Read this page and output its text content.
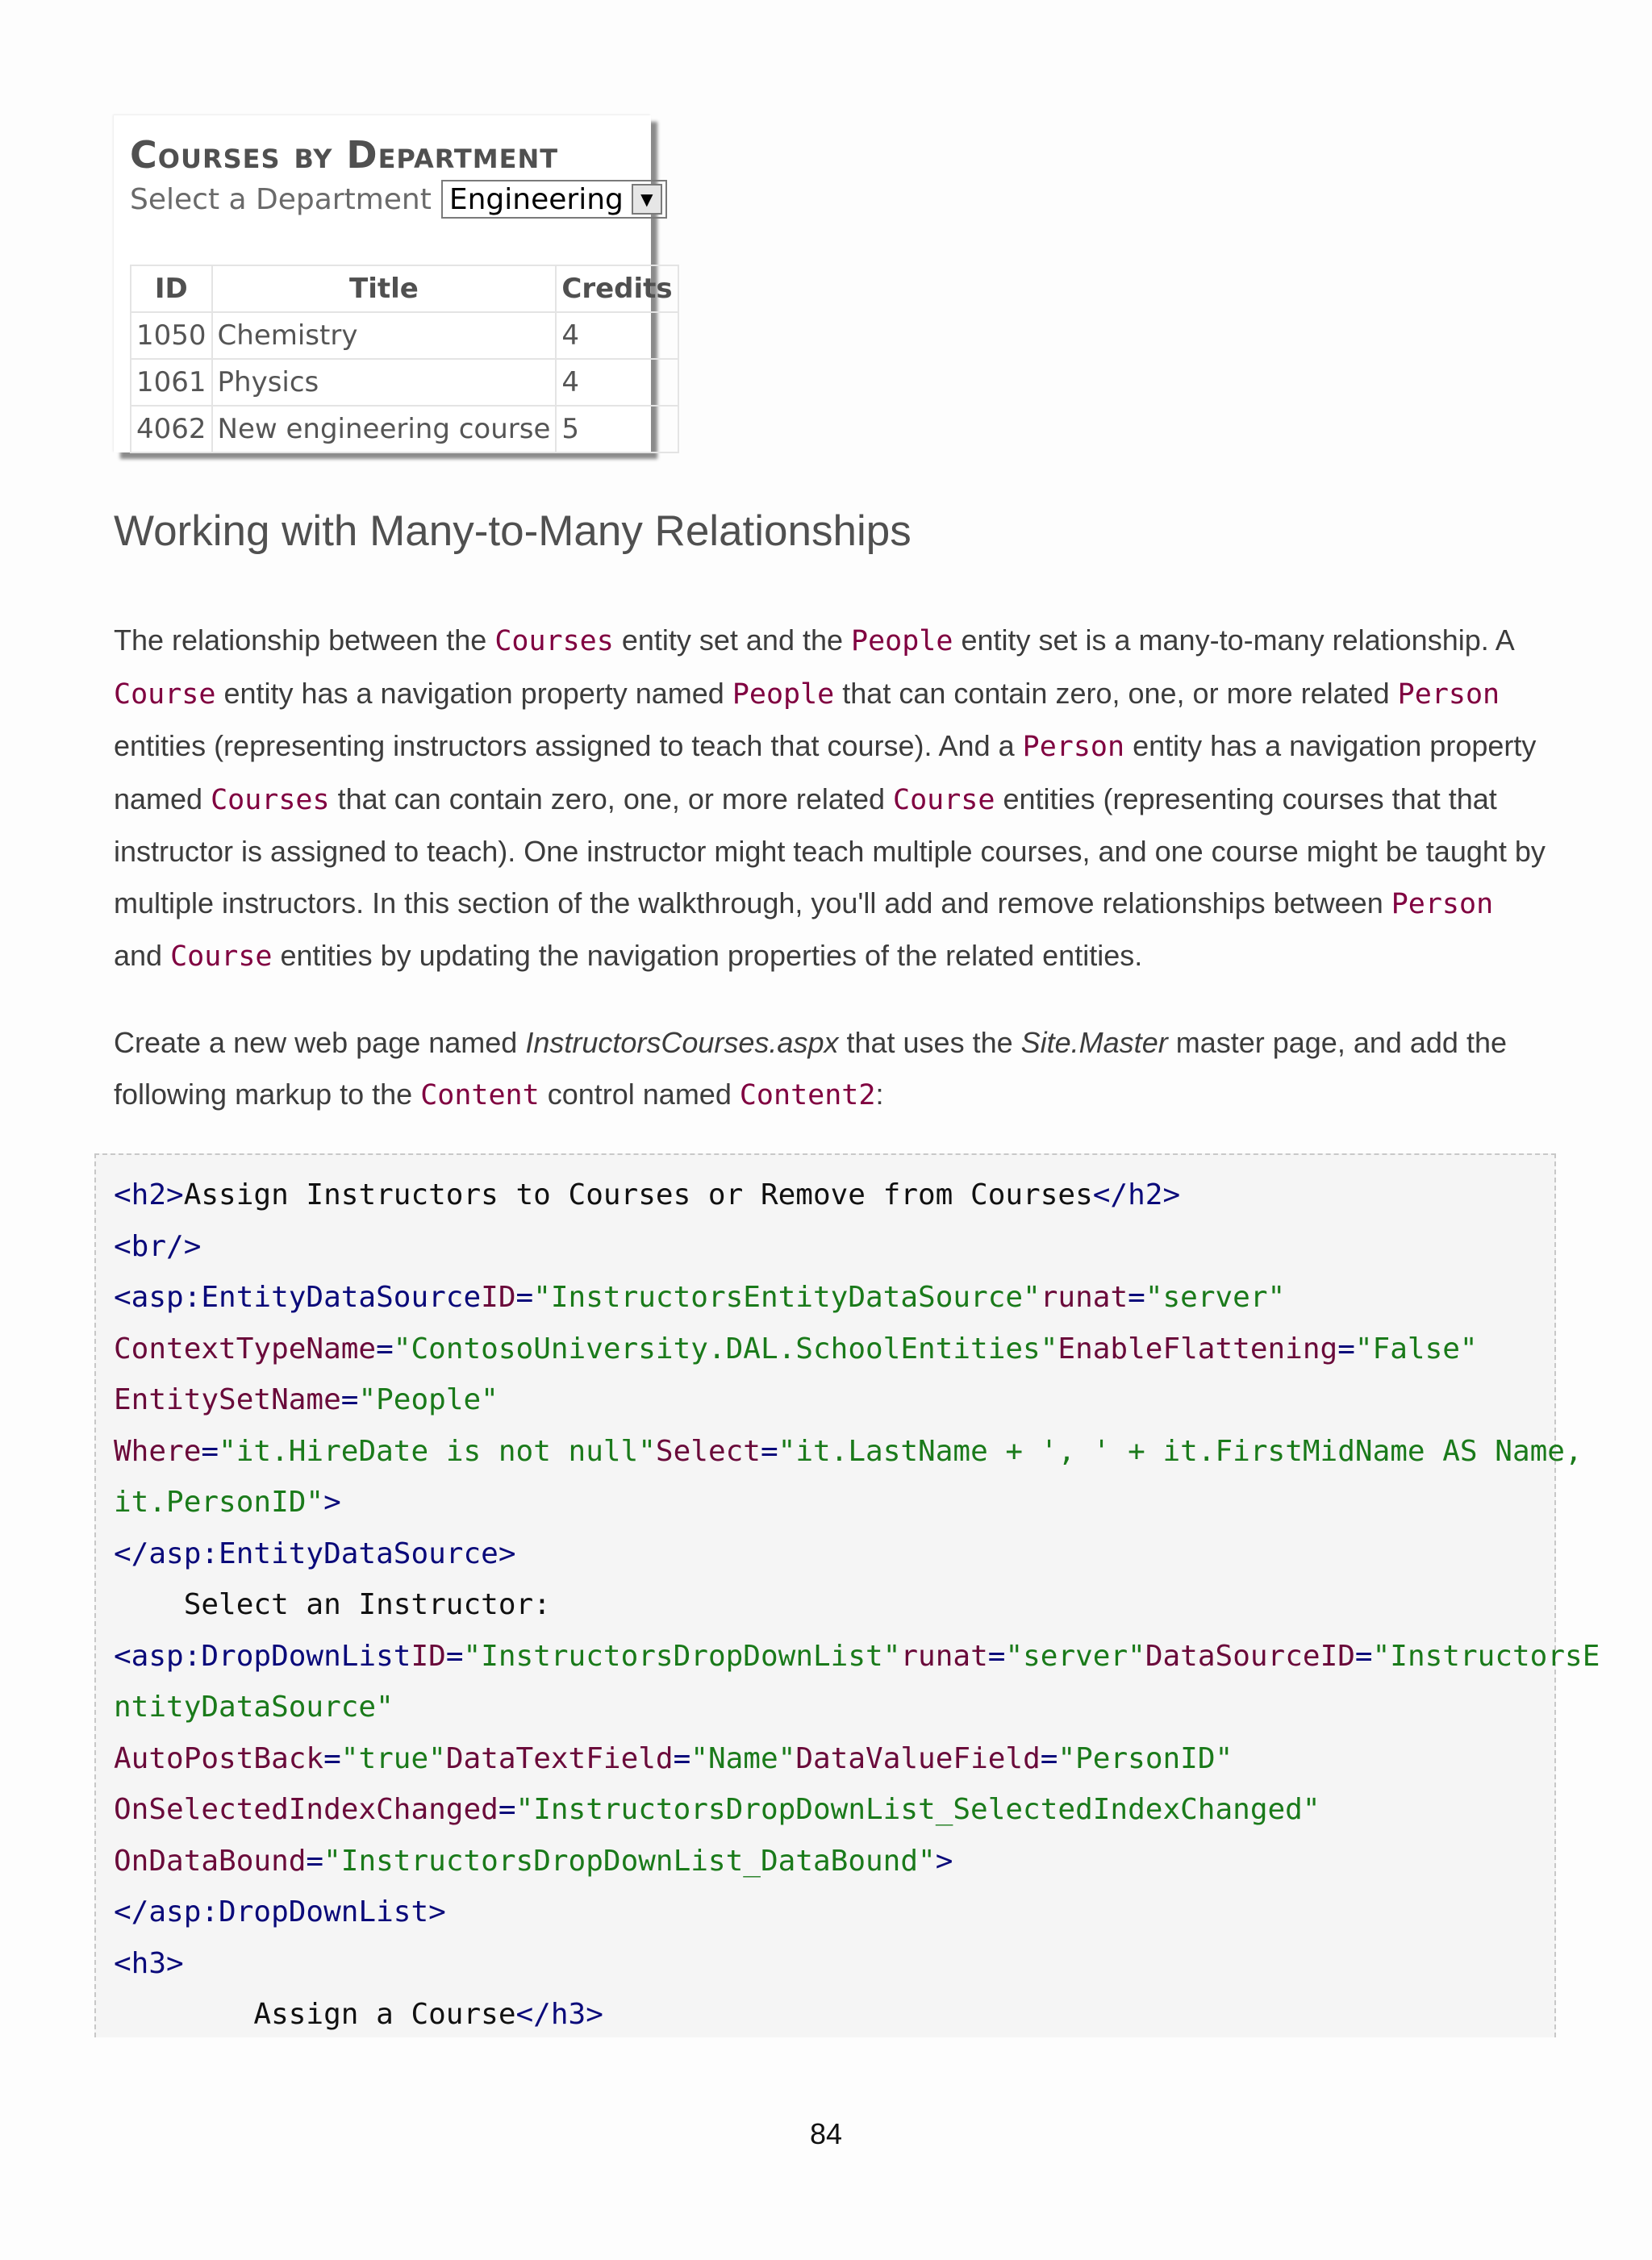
Courses by Department
Select a Department Engineering	▼
ID	Title	Credits
1050	Chemistry	4
1061	Physics	4
4062	New engineering course	5
Working with Many-to-Many Relationships

The relationship between the Courses entity set and the People entity set is a many-to-many relationship. A Course entity has a navigation property named People that can contain zero, one, or more related Person entities (representing instructors assigned to teach that course). And a Person entity has a navigation property named Courses that can contain zero, one, or more related Course entities (representing courses that that instructor is assigned to teach). One instructor might teach multiple courses, and one course might be taught by multiple instructors. In this section of the walkthrough, you'll add and remove relationships between Person and Course entities by updating the navigation properties of the related entities.

Create a new web page named InstructorsCourses.aspx that uses the Site.Master master page, and add the following markup to the Content control named Content2:

<h2>Assign Instructors to Courses or Remove from Courses</h2>
<br/>
<asp:EntityDataSourceID="InstructorsEntityDataSource"runat="server"
ContextTypeName="ContosoUniversity.DAL.SchoolEntities"EnableFlattening="False"
EntitySetName="People"
Where="it.HireDate is not null"Select="it.LastName + ', ' + it.FirstMidName AS Name,
it.PersonID">
</asp:EntityDataSource>
Select an Instructor:
<asp:DropDownListID="InstructorsDropDownList"runat="server"DataSourceID="InstructorsE
ntityDataSource"
AutoPostBack="true"DataTextField="Name"DataValueField="PersonID"
OnSelectedIndexChanged="InstructorsDropDownList_SelectedIndexChanged"
OnDataBound="InstructorsDropDownList_DataBound">
</asp:DropDownList>
<h3>
Assign a Course</h3>
84
